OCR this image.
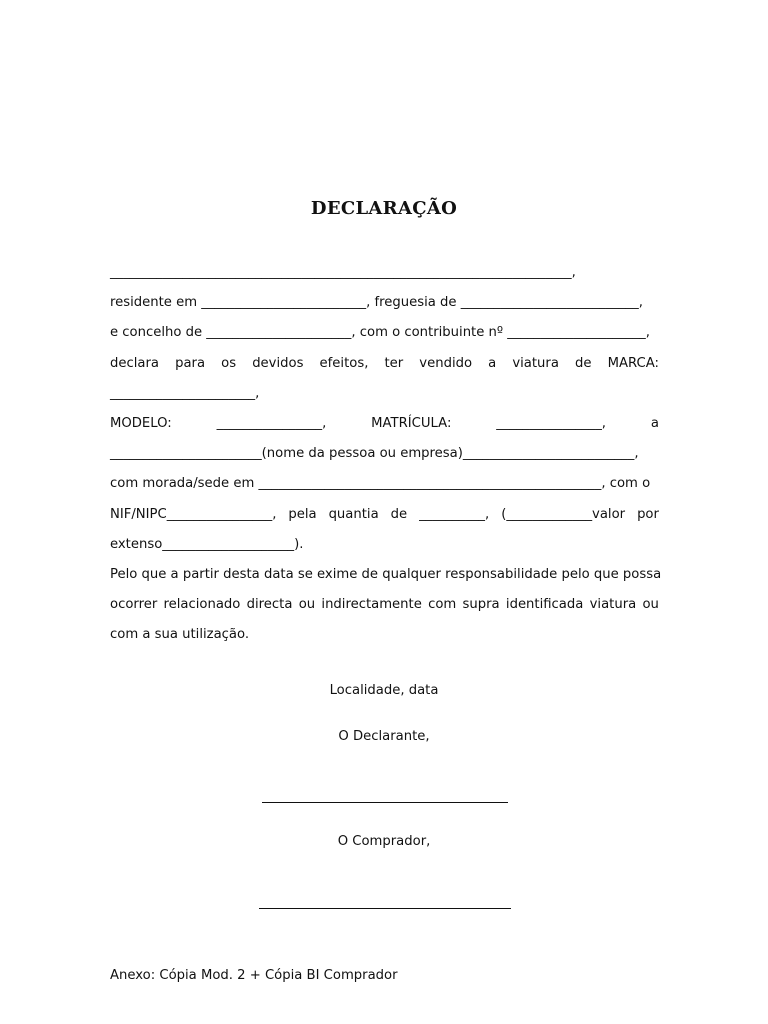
DECLARAÇÃO
______________________________________________________________________,
residente em _________________________, freguesia de ___________________________,
e concelho de ______________________, com o contribuinte nº _____________________,
declara para os devidos efeitos, ter vendido a viatura de MARCA:
______________________,
MODELO:	________________,	MATRÍCULA:	________________,	a
_______________________(nome da pessoa ou empresa)__________________________,
com morada/sede em ____________________________________________________, com o
NIF/NIPC________________, pela quantia de __________, (_____________valor por
extenso____________________).
Pelo que a partir desta data se exime de qualquer responsabilidade pelo que possa
ocorrer relacionado directa ou indirectamente com supra identificada viatura ou
com a sua utilização.
Localidade, data
O Declarante,
O Comprador,
Anexo: Cópia Mod. 2 + Cópia BI Comprador
